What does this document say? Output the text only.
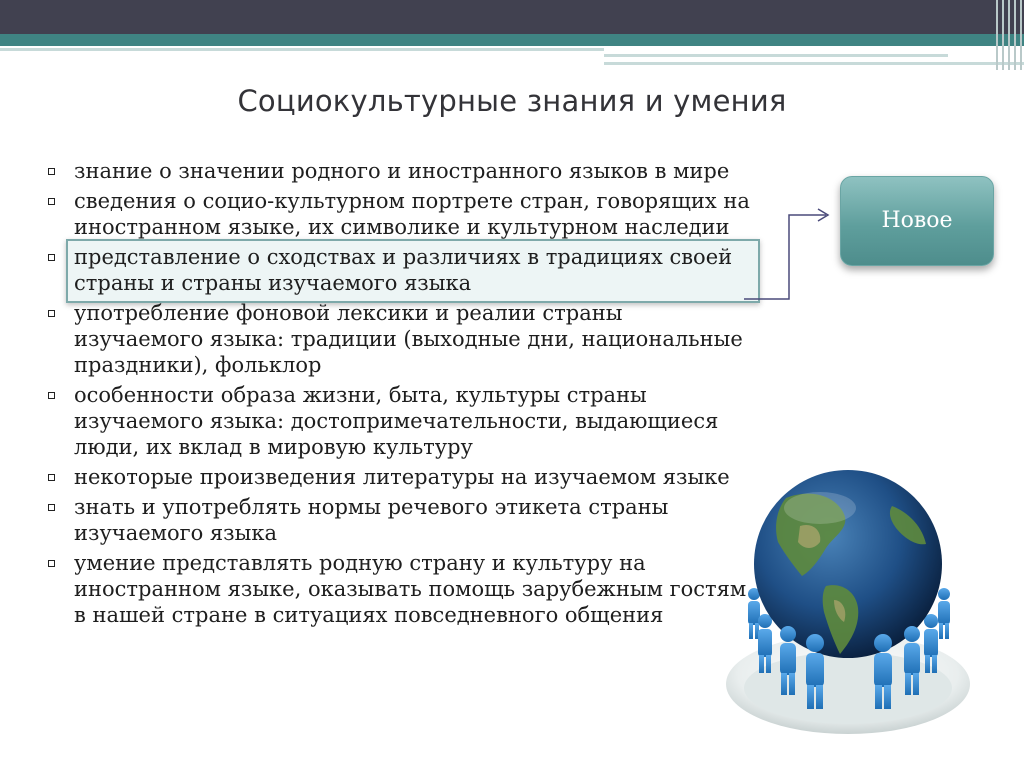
Социокультурные знания и умения
знание о значении родного и иностранного языков в мире
сведения о социо-культурном портрете стран, говорящих на иностранном языке, их символике и культурном наследии
представление о сходствах и различиях в традициях своей страны и страны изучаемого языка
употребление фоновой лексики и реалии страны изучаемого языка: традиции (выходные дни, национальные праздники), фольклор
особенности образа жизни, быта, культуры страны изучаемого языка: достопримечательности, выдающиеся люди, их вклад в мировую культуру
некоторые произведения литературы на изучаемом языке
знать и употреблять нормы речевого этикета страны изучаемого языка
умение представлять родную страну и культуру на иностранном языке, оказывать помощь зарубежным гостям в нашей стране в ситуациях повседневного общения
Новое
